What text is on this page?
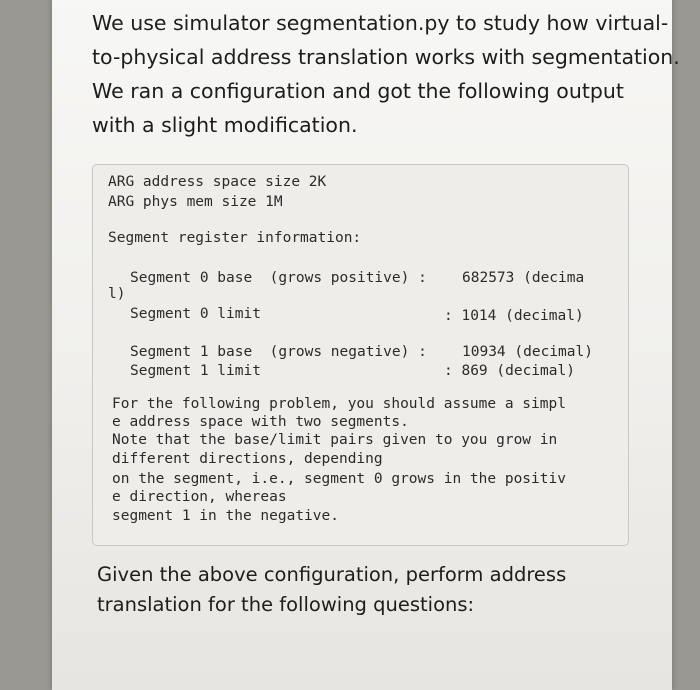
We use simulator segmentation.py to study how virtual-
to-physical address translation works with segmentation.
We ran a configuration and got the following output
with a slight modification.

ARG address space size 2K
ARG phys mem size 1M
Segment register information:
Segment 0 base  (grows positive) : 682573 (decima
l)
Segment 0 limit	: 1014 (decimal)
Segment 1 base  (grows negative) : 10934 (decimal)
Segment 1 limit	: 869 (decimal)
For the following problem, you should assume a simpl
e address space with two segments.
Note that the base/limit pairs given to you grow in
different directions, depending
on the segment, i.e., segment 0 grows in the positiv
e direction, whereas
segment 1 in the negative.

Given the above configuration, perform address
translation for the following questions:
